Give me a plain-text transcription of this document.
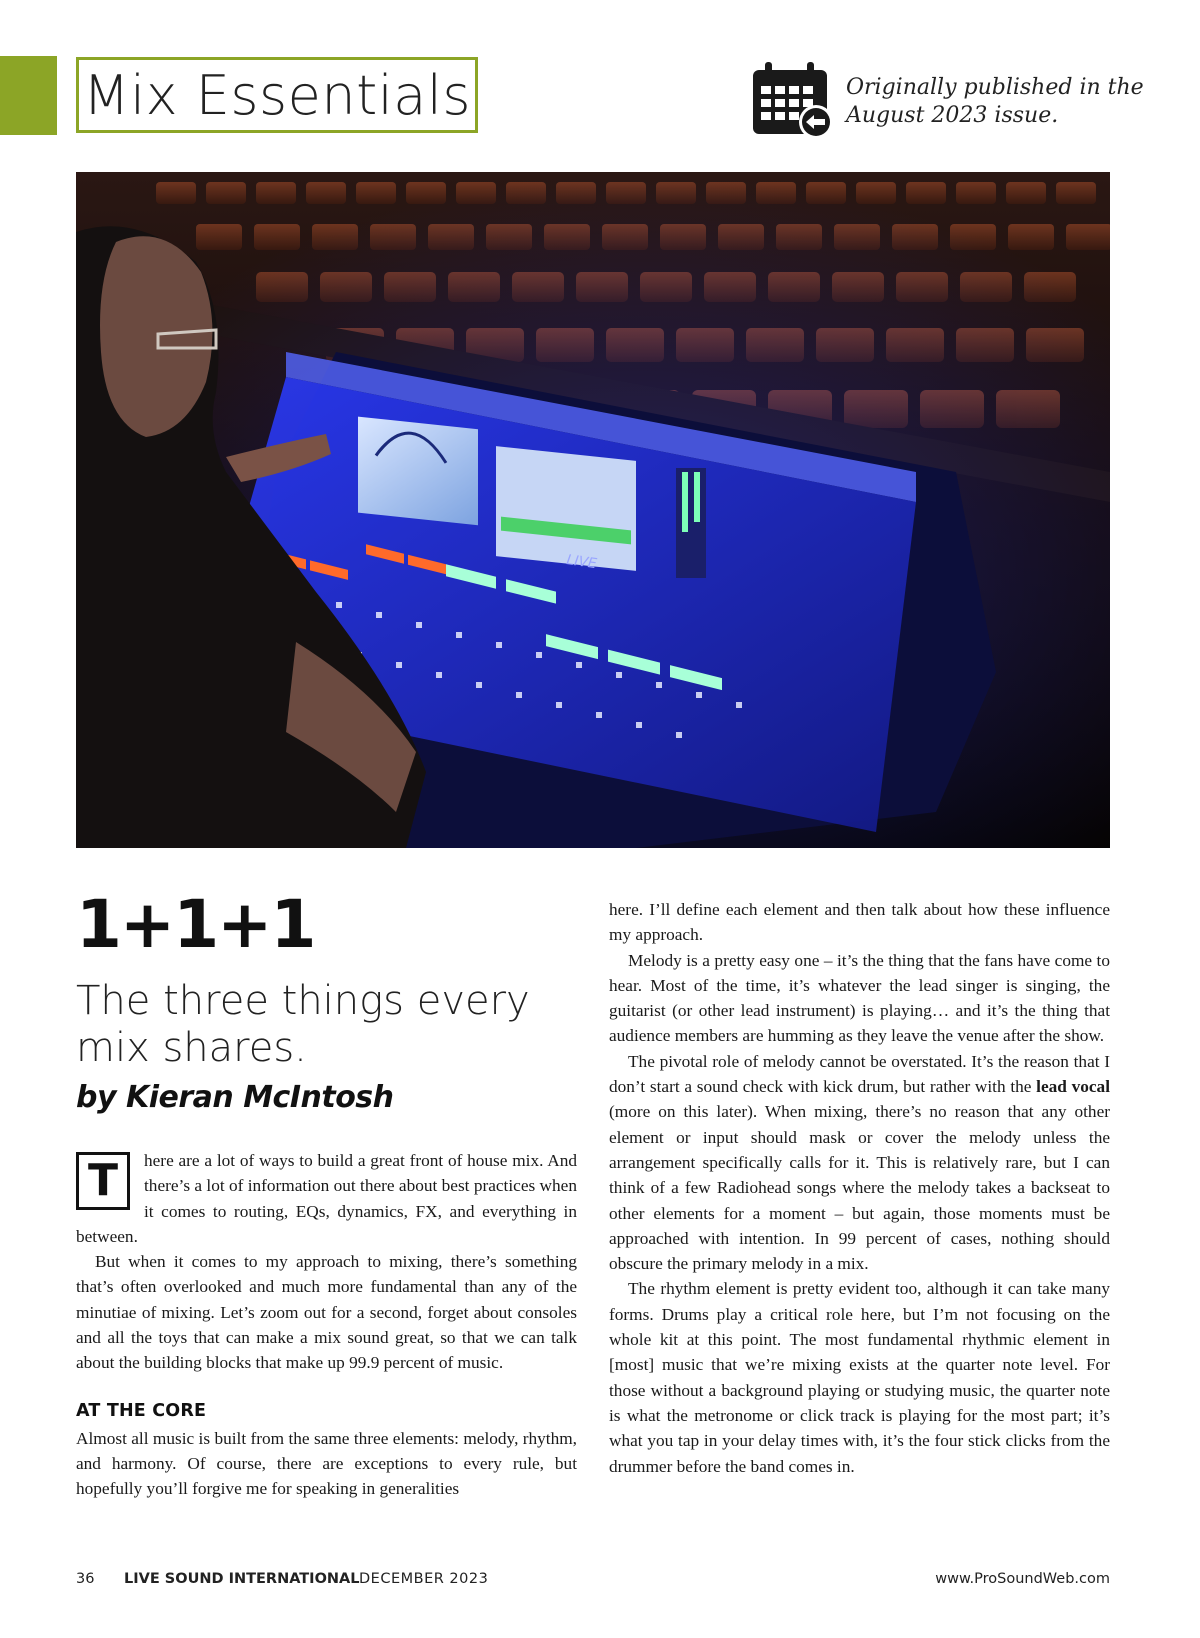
Mix Essentials	Originally published in the
August 2023 issue.
LIVE
1+1+1
The three things every mix shares.
by Kieran McIntosh

T	here are a lot of ways to build a great front of house mix. And there’s a lot of information out there about best practices when it comes to routing, EQs, dynamics, FX, and everything in between.

But when it comes to my approach to mixing, there’s something that’s often overlooked and much more fundamental than any of the minutiae of mixing. Let’s zoom out for a second, forget about consoles and all the toys that can make a mix sound great, so that we can talk about the building blocks that make up 99.9 percent of music.

AT THE CORE

Almost all music is built from the same three elements: melody, rhythm, and harmony. Of course, there are exceptions to every rule, but hopefully you’ll forgive me for speaking in generalities

here. I’ll define each element and then talk about how these influence my approach.

Melody is a pretty easy one – it’s the thing that the fans have come to hear. Most of the time, it’s whatever the lead singer is singing, the guitarist (or other lead instrument) is playing… and it’s the thing that audience members are humming as they leave the venue after the show.

The pivotal role of melody cannot be overstated. It’s the reason that I don’t start a sound check with kick drum, but rather with the lead vocal (more on this later). When mixing, there’s no reason that any other element or input should mask or cover the melody unless the arrangement specifically calls for it. This is relatively rare, but I can think of a few Radiohead songs where the melody takes a backseat to other elements for a moment – but again, those moments must be approached with intention. In 99 percent of cases, nothing should obscure the primary melody in a mix.

The rhythm element is pretty evident too, although it can take many forms. Drums play a critical role here, but I’m not focusing on the whole kit at this point. The most fundamental rhythmic element in [most] music that we’re mixing exists at the quarter note level. For those without a background playing or studying music, the quarter note is what the metronome or click track is playing for the most part; it’s what you tap in your delay times with, it’s the four stick clicks from the drummer before the band comes in.

36 LIVE SOUND INTERNATIONAL DECEMBER 2023	www.ProSoundWeb.com
